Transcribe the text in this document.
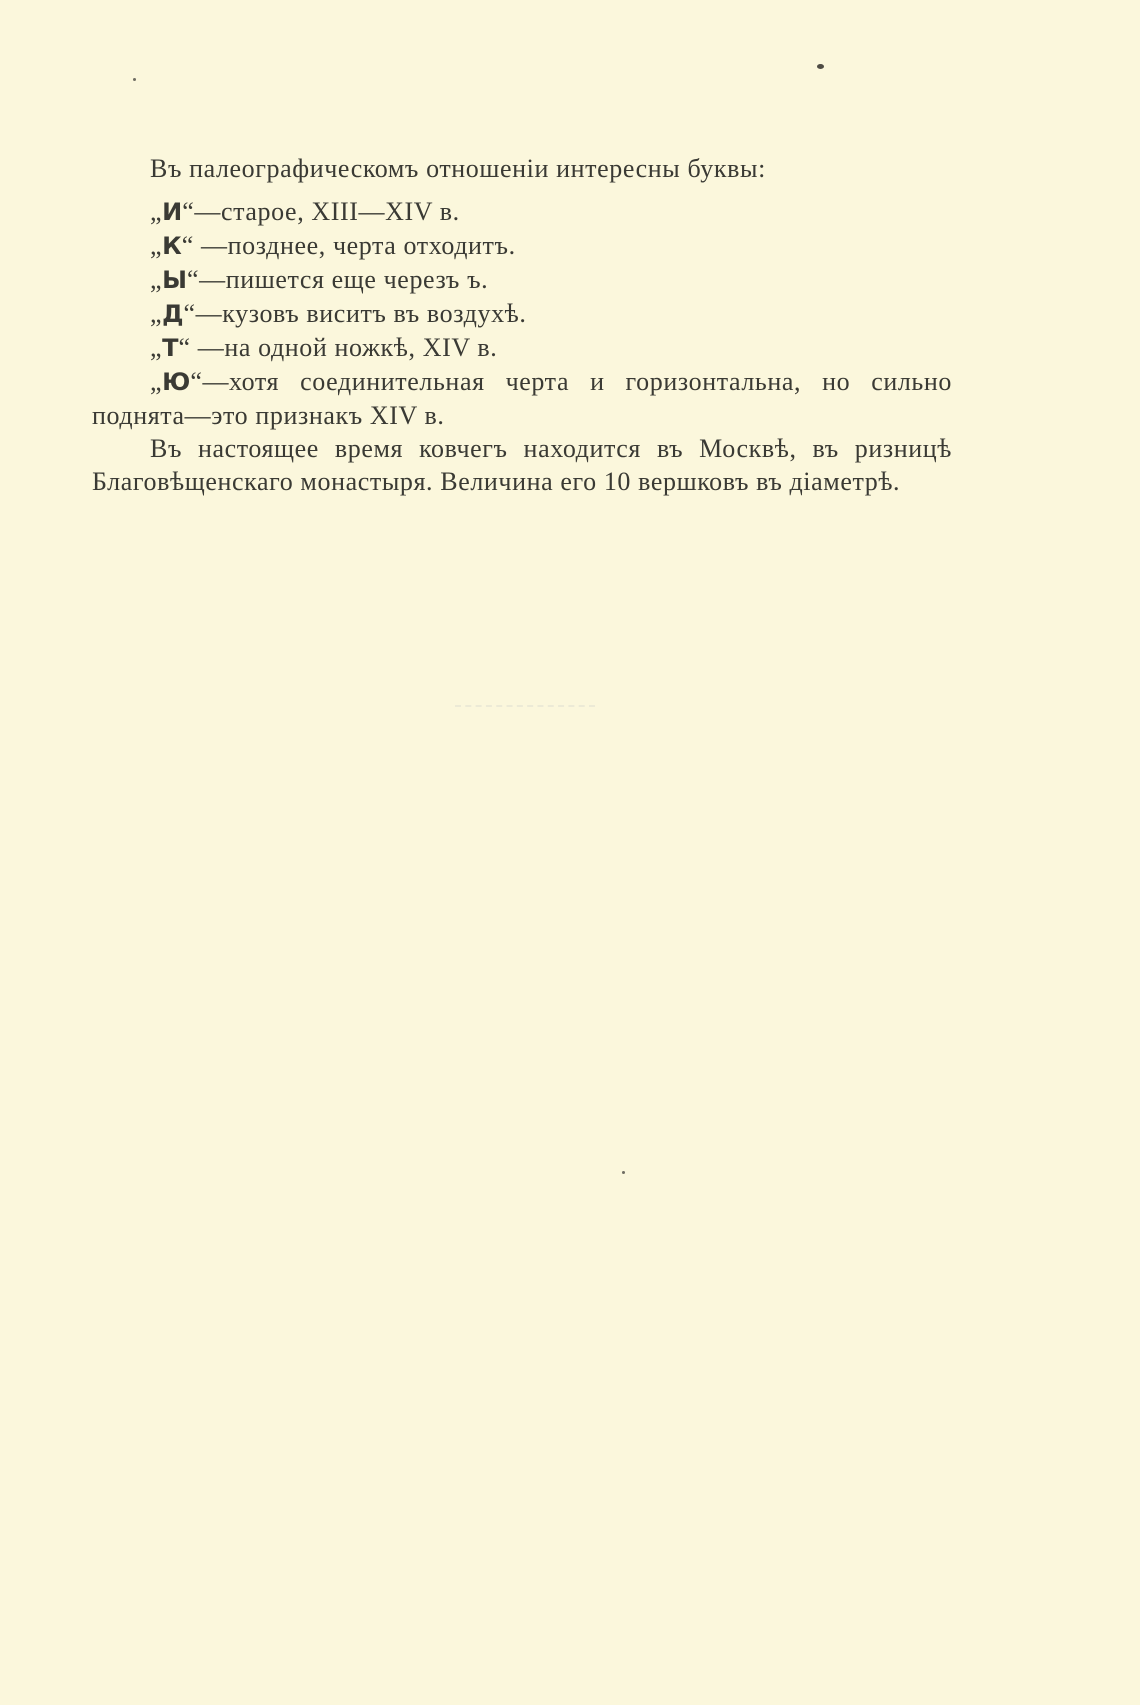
Въ палеографическомъ отношеніи интересны буквы:
„И“—старое, XIII—XIV в.
„К“ —позднее, черта отходитъ.
„Ы“—пишется еще черезъ ъ.
„Д“—кузовъ виситъ въ воздухѣ.
„Т“ —на одной ножкѣ, XIV в.
„Ю“—хотя соединительная черта и горизонтальна, но сильно поднята—это признакъ XIV в.
Въ настоящее время ковчегъ находится въ Москвѣ, въ ризницѣ Благовѣщенскаго монастыря. Величина его 10 вершковъ въ діаметрѣ.
